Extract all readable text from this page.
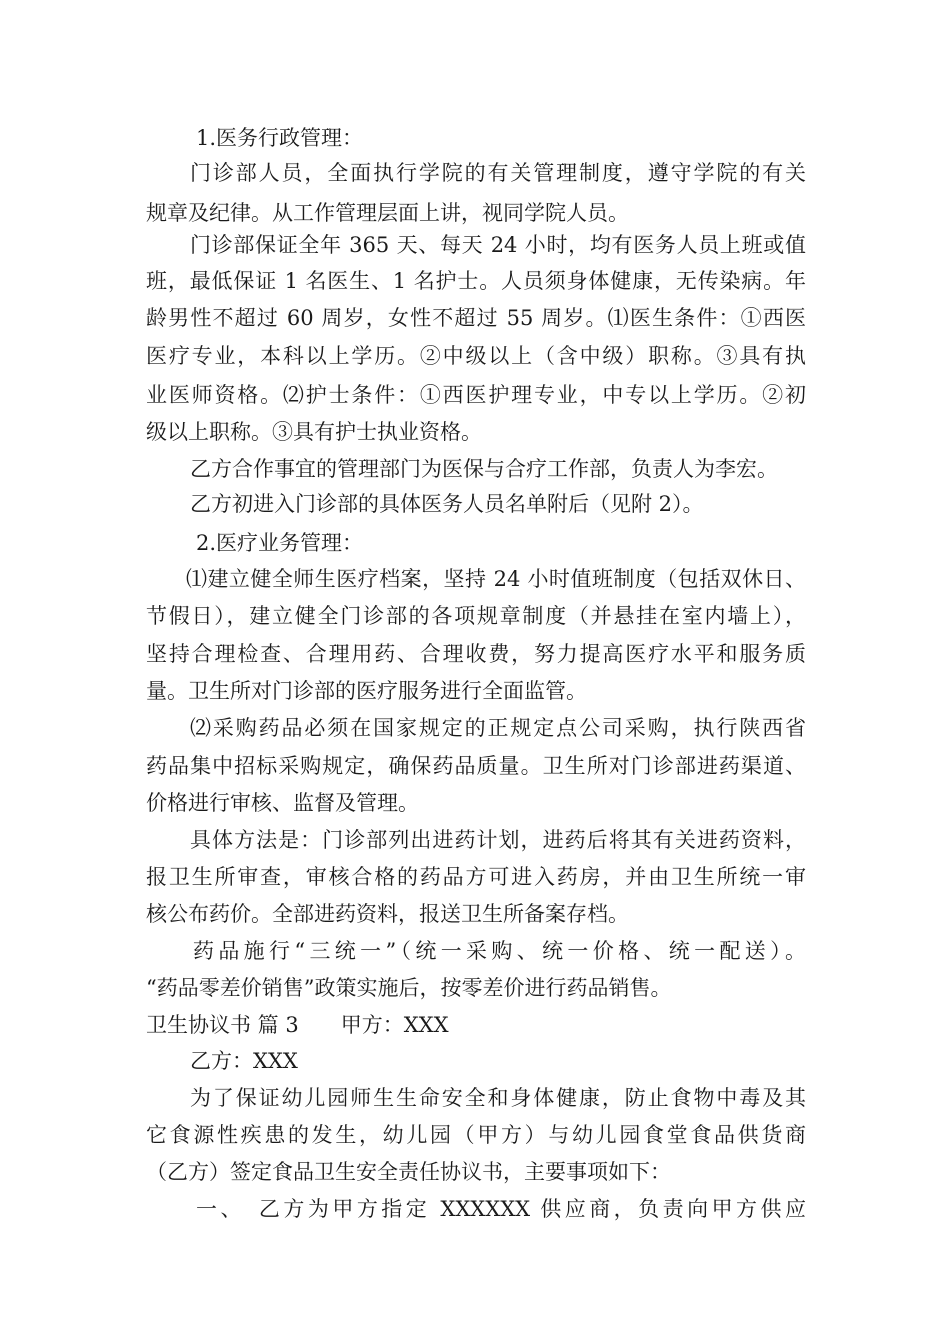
1.医务行政管理：
门诊部人员，全面执行学院的有关管理制度，遵守学院的有关
规章及纪律。从工作管理层面上讲，视同学院人员。
门诊部保证全年 365 天、每天 24 小时，均有医务人员上班或值
班，最低保证 1 名医生、1 名护士。人员须身体健康，无传染病。年
龄男性不超过 60 周岁，女性不超过 55 周岁。⑴医生条件：①西医
医疗专业，本科以上学历。②中级以上（含中级）职称。③具有执
业医师资格。⑵护士条件：①西医护理专业，中专以上学历。②初
级以上职称。③具有护士执业资格。
乙方合作事宜的管理部门为医保与合疗工作部，负责人为李宏。
乙方初进入门诊部的具体医务人员名单附后（见附 2）。
2.医疗业务管理：
⑴建立健全师生医疗档案，坚持 24 小时值班制度（包括双休日、
节假日），建立健全门诊部的各项规章制度（并悬挂在室内墙上），
坚持合理检查、合理用药、合理收费，努力提高医疗水平和服务质
量。卫生所对门诊部的医疗服务进行全面监管。
⑵采购药品必须在国家规定的正规定点公司采购，执行陕西省
药品集中招标采购规定，确保药品质量。卫生所对门诊部进药渠道、
价格进行审核、监督及管理。
具体方法是：门诊部列出进药计划，进药后将其有关进药资料，
报卫生所审查，审核合格的药品方可进入药房，并由卫生所统一审
核公布药价。全部进药资料，报送卫生所备案存档。
药品施行“三统一”（统一采购、统一价格、统一配送）。
“药品零差价销售”政策实施后，按零差价进行药品销售。
卫生协议书 篇 3　　甲方：XXX
乙方：XXX
为了保证幼儿园师生生命安全和身体健康，防止食物中毒及其
它食源性疾患的发生，幼儿园（甲方）与幼儿园食堂食品供货商
（乙方）签定食品卫生安全责任协议书，主要事项如下：
一、　乙方为甲方指定 XXXXXX 供应商，负责向甲方供应
